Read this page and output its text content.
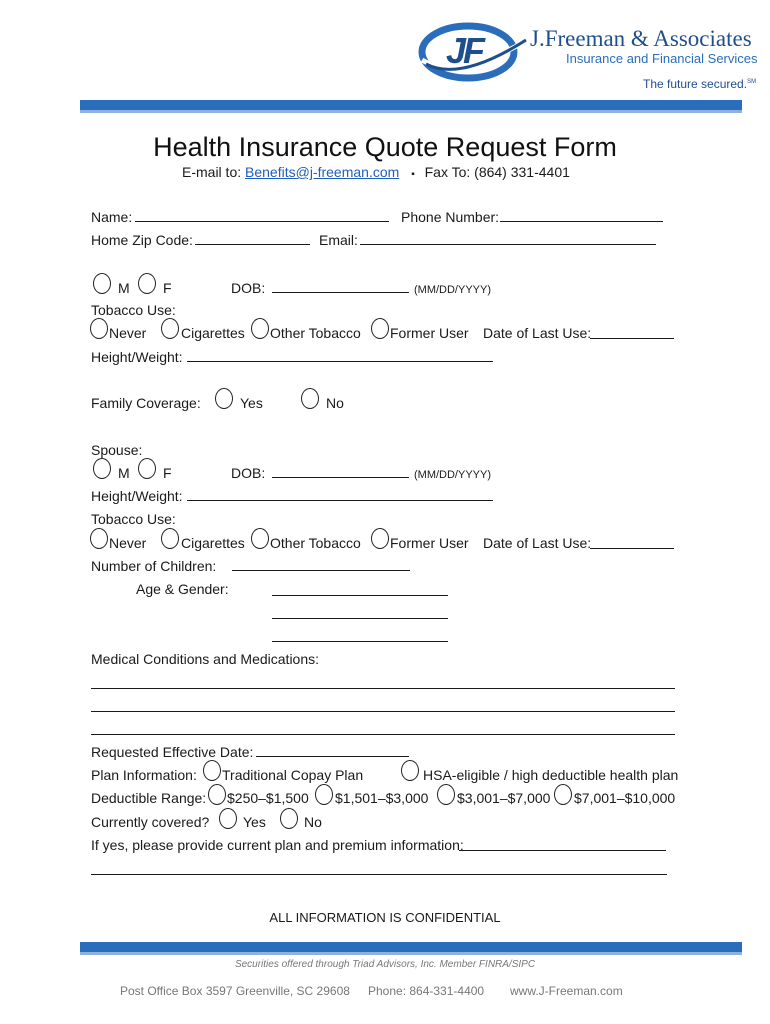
JF J.Freeman & Associates
Insurance and Financial Services
The future secured.℠
Health Insurance Quote Request Form
E-mail to: Benefits@j-freeman.com ▪ Fax To: (864) 331-4401
Name:	Phone Number:
Home Zip Code:	Email:
M F	DOB:	(MM/DD/YYYY)
Tobacco Use:
Never Cigarettes Other Tobacco Former User Date of Last Use:
Height/Weight:
Family Coverage:	Yes	No
Spouse:
M F	DOB:	(MM/DD/YYYY)
Height/Weight:
Tobacco Use:
Never Cigarettes Other Tobacco Former User Date of Last Use:
Number of Children:
Age & Gender:
Medical Conditions and Medications:
Requested Effective Date:
Plan Information: Traditional Copay Plan	HSA-eligible / high deductible health plan
Deductible Range: $250–$1,500 $1,501–$3,000 $3,001–$7,000 $7,001–$10,000
Currently covered? Yes	No
If yes, please provide current plan and premium information:
ALL INFORMATION IS CONFIDENTIAL
Securities offered through Triad Advisors, Inc. Member FINRA/SIPC
Post Office Box 3597 Greenville, SC 29608 Phone: 864-331-4400 www.J-Freeman.com
